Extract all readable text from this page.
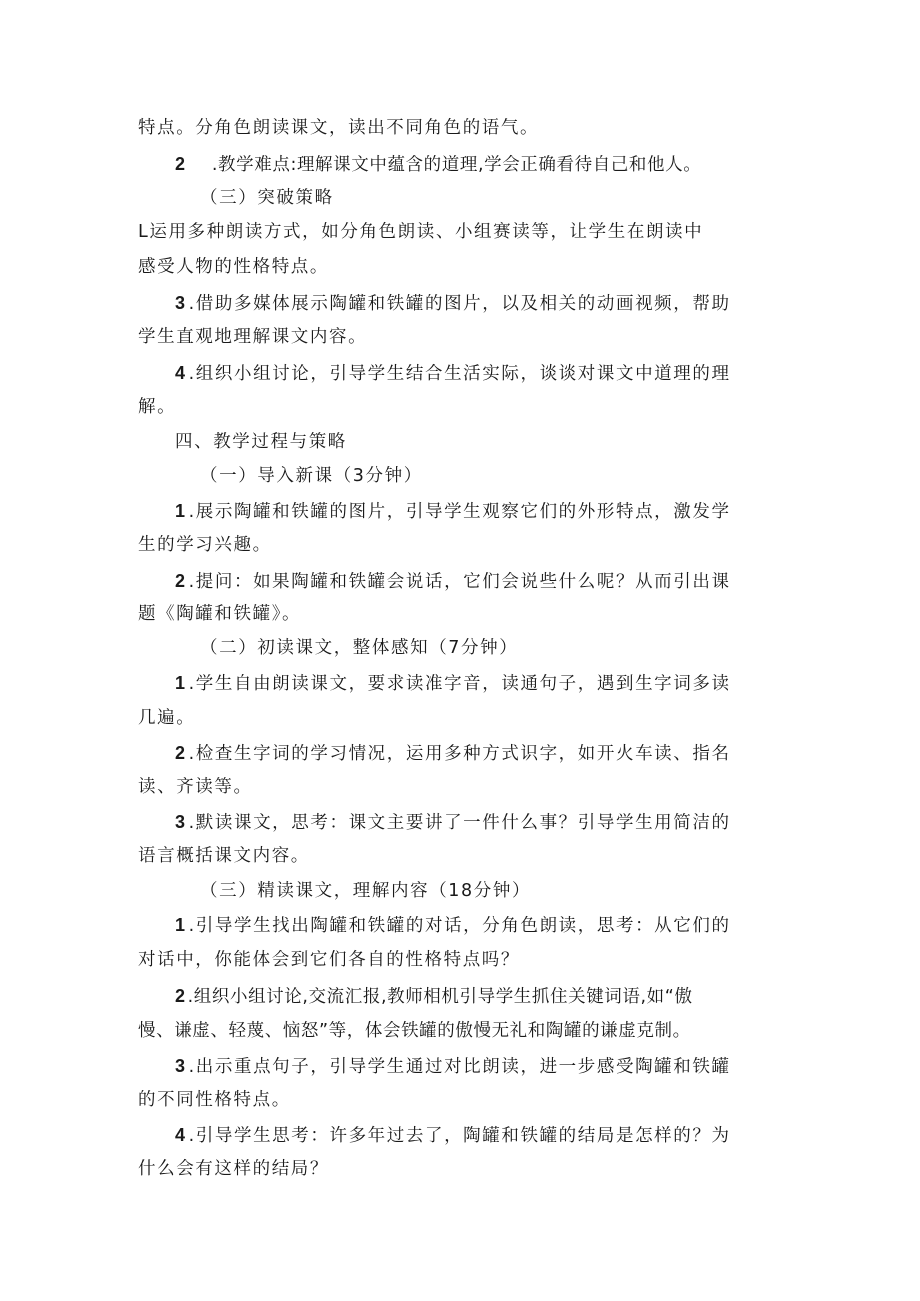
特点。分角色朗读课文，读出不同角色的语气。
2　 .教学难点:理解课文中蕴含的道理,学会正确看待自己和他人。
（三）突破策略
L运用多种朗读方式，如分角色朗读、小组赛读等，让学生在朗读中
感受人物的性格特点。
3 .借助多媒体展示陶罐和铁罐的图片，以及相关的动画视频，帮助
学生直观地理解课文内容。
4 .组织小组讨论，引导学生结合生活实际，谈谈对课文中道理的理
解。
四、教学过程与策略
（一）导入新课（3分钟）
1 .展示陶罐和铁罐的图片，引导学生观察它们的外形特点，激发学
生的学习兴趣。
2 .提问：如果陶罐和铁罐会说话，它们会说些什么呢？从而引出课
题《陶罐和铁罐》。
（二）初读课文，整体感知（7分钟）
1 .学生自由朗读课文，要求读准字音，读通句子，遇到生字词多读
几遍。
2 .检查生字词的学习情况，运用多种方式识字，如开火车读、指名
读、齐读等。
3 .默读课文，思考：课文主要讲了一件什么事？引导学生用简洁的
语言概括课文内容。
（三）精读课文，理解内容（18分钟）
1 .引导学生找出陶罐和铁罐的对话，分角色朗读，思考：从它们的
对话中，你能体会到它们各自的性格特点吗？
2 .组织小组讨论,交流汇报,教师相机引导学生抓住关键词语,如“傲
慢、谦虚、轻蔑、恼怒”等，体会铁罐的傲慢无礼和陶罐的谦虚克制。
3 .出示重点句子，引导学生通过对比朗读，进一步感受陶罐和铁罐
的不同性格特点。
4 .引导学生思考：许多年过去了，陶罐和铁罐的结局是怎样的？为
什么会有这样的结局？
